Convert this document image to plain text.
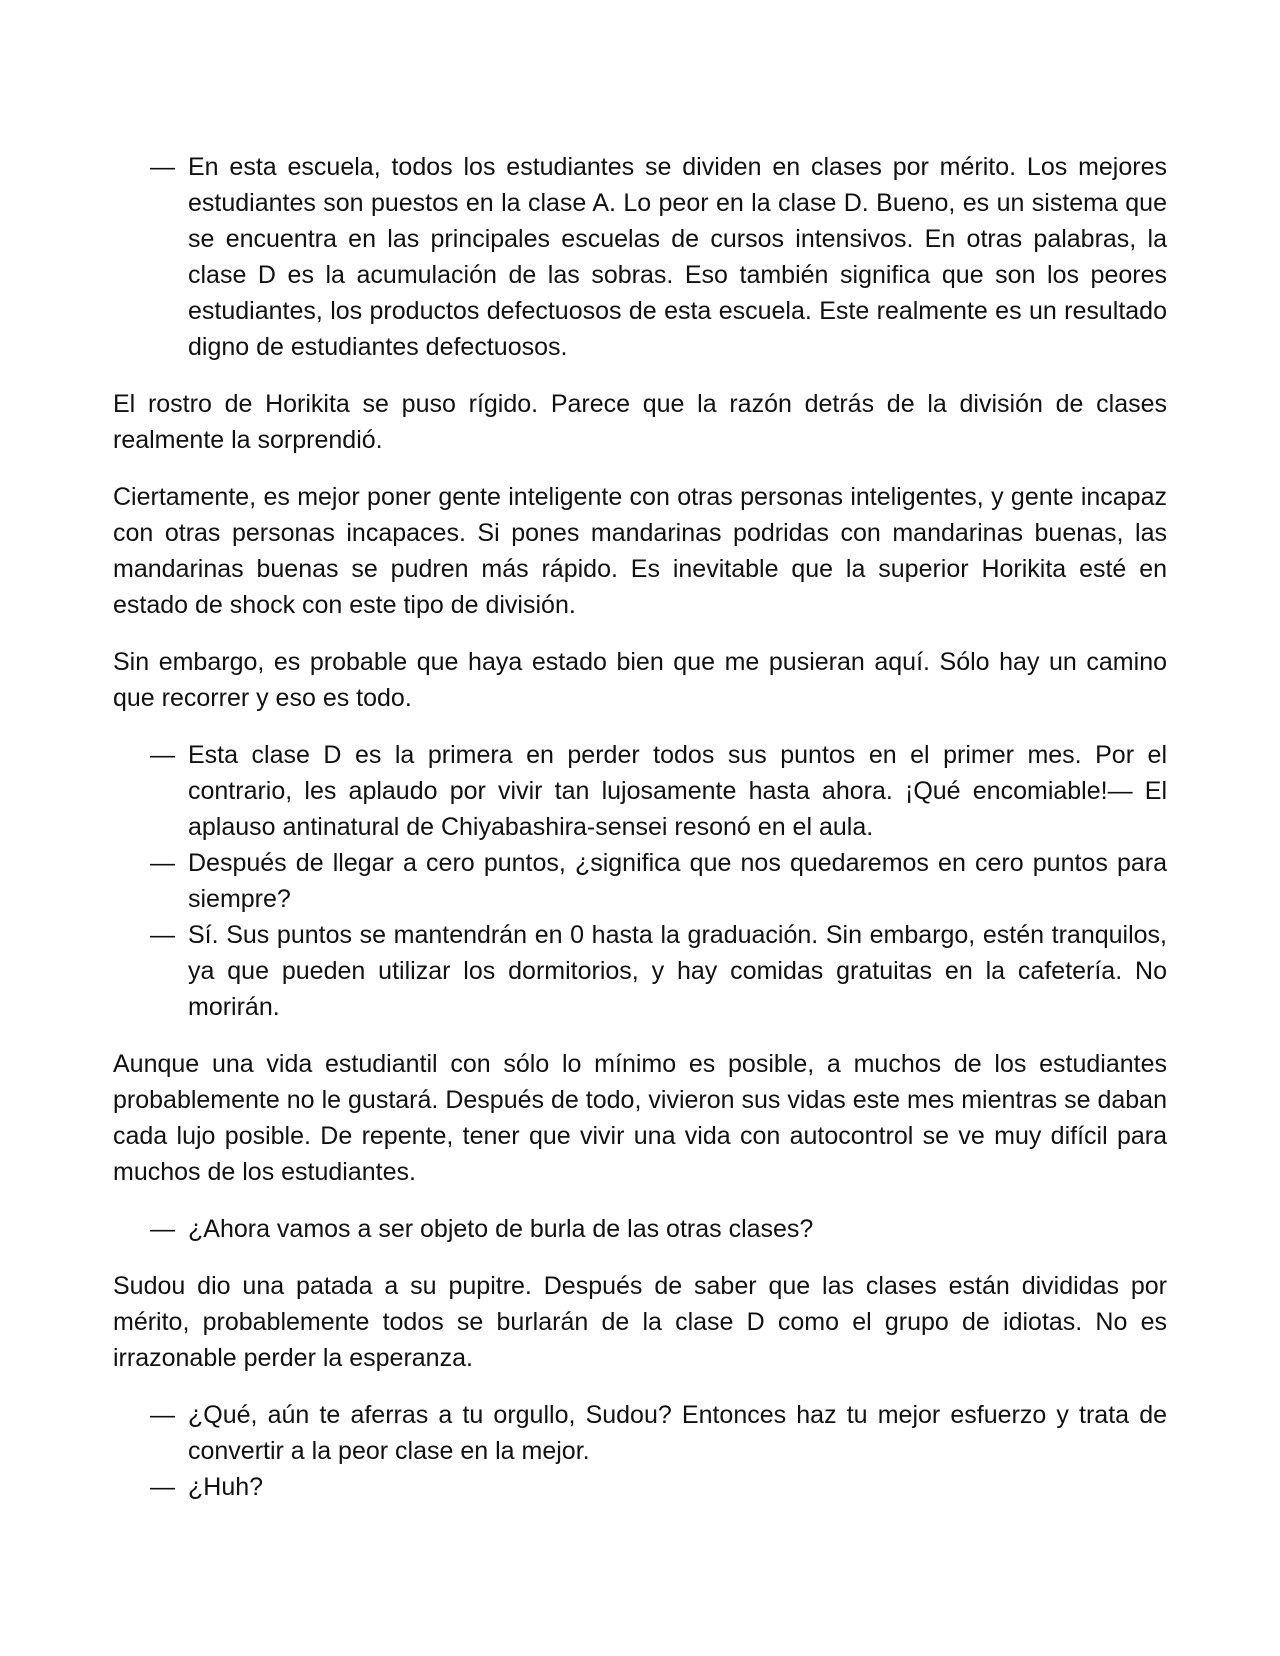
— En esta escuela, todos los estudiantes se dividen en clases por mérito. Los mejores estudiantes son puestos en la clase A. Lo peor en la clase D. Bueno, es un sistema que se encuentra en las principales escuelas de cursos intensivos. En otras palabras, la clase D es la acumulación de las sobras. Eso también significa que son los peores estudiantes, los productos defectuosos de esta escuela. Este realmente es un resultado digno de estudiantes defectuosos.

El rostro de Horikita se puso rígido. Parece que la razón detrás de la división de clases realmente la sorprendió.

Ciertamente, es mejor poner gente inteligente con otras personas inteligentes, y gente incapaz con otras personas incapaces. Si pones mandarinas podridas con mandarinas buenas, las mandarinas buenas se pudren más rápido. Es inevitable que la superior Horikita esté en estado de shock con este tipo de división.

Sin embargo, es probable que haya estado bien que me pusieran aquí. Sólo hay un camino que recorrer y eso es todo.

— Esta clase D es la primera en perder todos sus puntos en el primer mes. Por el contrario, les aplaudo por vivir tan lujosamente hasta ahora. ¡Qué encomiable!— El aplauso antinatural de Chiyabashira-sensei resonó en el aula.
— Después de llegar a cero puntos, ¿significa que nos quedaremos en cero puntos para siempre?
— Sí. Sus puntos se mantendrán en 0 hasta la graduación. Sin embargo, estén tranquilos, ya que pueden utilizar los dormitorios, y hay comidas gratuitas en la cafetería. No morirán.

Aunque una vida estudiantil con sólo lo mínimo es posible, a muchos de los estudiantes probablemente no le gustará. Después de todo, vivieron sus vidas este mes mientras se daban cada lujo posible. De repente, tener que vivir una vida con autocontrol se ve muy difícil para muchos de los estudiantes.

— ¿Ahora vamos a ser objeto de burla de las otras clases?

Sudou dio una patada a su pupitre. Después de saber que las clases están divididas por mérito, probablemente todos se burlarán de la clase D como el grupo de idiotas. No es irrazonable perder la esperanza.

— ¿Qué, aún te aferras a tu orgullo, Sudou? Entonces haz tu mejor esfuerzo y trata de convertir a la peor clase en la mejor.
— ¿Huh?
